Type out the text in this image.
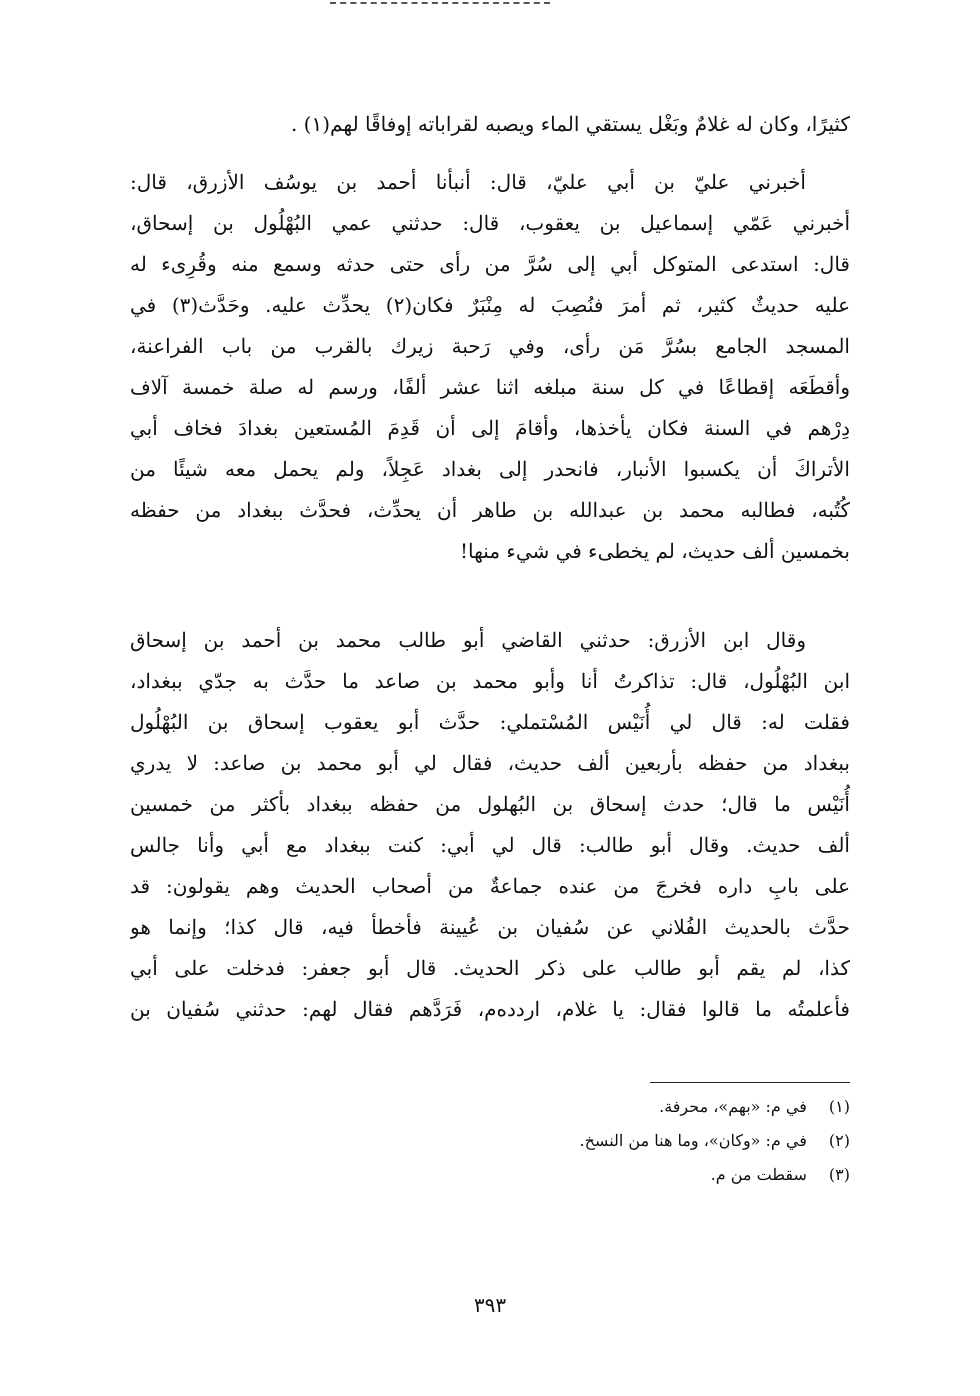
كثيرًا، وكان له غلامٌ وبَغْل يستقي الماء ويصبه لقراباته إوفاقًا لهم(١) .
أخبرني عليّ بن أبي عليّ، قال: أنبأنا أحمد بن يوسُف الأزرق، قال:
أخبرني عَمّي إسماعيل بن يعقوب، قال: حدثني عمي البُهْلُول بن إسحاق،
قال: استدعى المتوكل أبي إلى سُرَّ من رأى حتى حدثه وسمع منه وقُرِىء له
عليه حديثٌ كثير، ثم أمرَ فنُصِبَ له مِنْبَرٌ فكان(٢) يحدِّث عليه. وحَدَّث(٣) في
المسجد الجامع بسُرَّ مَن رأى، وفي رَحبة زيرك بالقرب من باب الفراعنة،
وأقطَعَه إقطاعًا في كل سنة مبلغه اثنا عشر ألفًا، ورسم له صلة خمسة آلاف
دِرْهم في السنة فكان يأخذها، وأقامَ إلى أن قَدِمَ المُستعين بغدادَ فخاف أبي
الأتراكَ أن يكسبوا الأنبار، فانحدر إلى بغداد عَجِلاً، ولم يحمل معه شيئًا من
كُتُبه، فطالبه محمد بن عبدالله بن طاهر أن يحدِّث، فحدَّث ببغداد من حفظه
بخمسين ألف حديث، لم يخطىء في شيء منها!
وقال ابن الأزرق: حدثني القاضي أبو طالب محمد بن أحمد بن إسحاق
ابن البُهْلُول، قال: تذاكرتُ أنا وأبو محمد بن صاعد ما حدَّث به جدّي ببغداد،
فقلت له: قال لي أُنَيْس المُسْتملي: حدَّث أبو يعقوب إسحاق بن البُهْلُول
ببغداد من حفظه بأربعين ألف حديث، فقال لي أبو محمد بن صاعد: لا يدري
أُنَيْس ما قال؛ حدث إسحاق بن البُهلول من حفظه ببغداد بأكثر من خمسين
ألف حديث. وقال أبو طالب: قال لي أبي: كنت ببغداد مع أبي وأنا جالس
على بابِ داره فخرجَ من عنده جماعةٌ من أصحاب الحديث وهم يقولون: قد
حدَّث بالحديث الفُلاني عن سُفيان بن عُيينة فأخطأ فيه، قال كذا؛ وإنما هو
كذا، لم يقم أبو طالب على ذكر الحديث. قال أبو جعفر: فدخلت على أبي
فأعلمتُه ما قالوا فقال: يا غلام، اردده‌م، فَرَدَّهم فقال لهم: حدثني سُفيان بن
(١) في م: «بهم»، محرفة.
(٢) في م: «وكان»، وما هنا من النسخ.
(٣) سقطت من م.
٣٩٣
